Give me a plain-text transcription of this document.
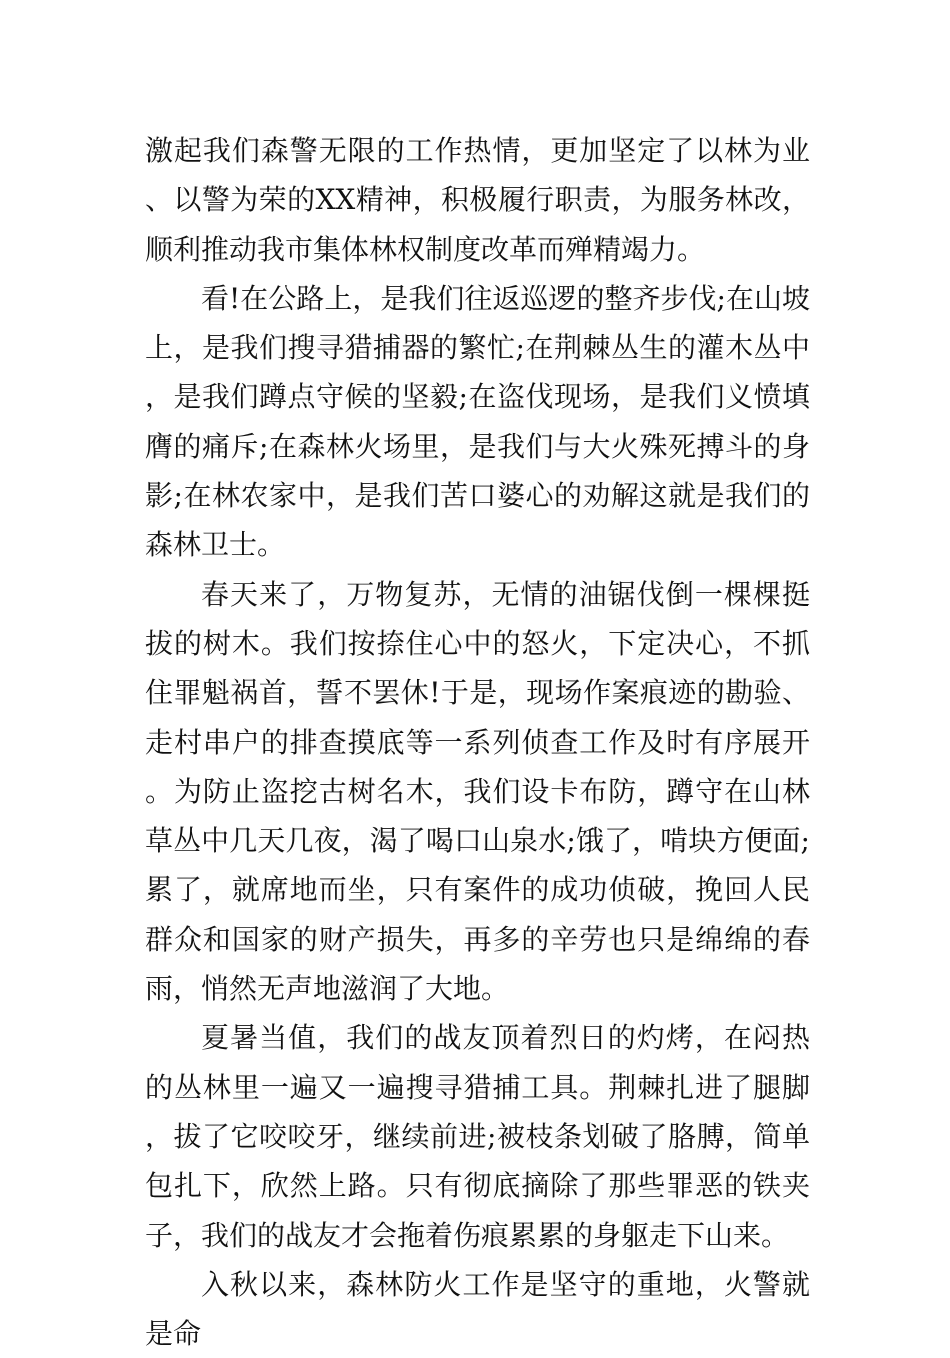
激起我们森警无限的工作热情，更加坚定了以林为业、以警为荣的XX精神，积极履行职责，为服务林改，顺利推动我市集体林权制度改革而殚精竭力。

看!在公路上，是我们往返巡逻的整齐步伐;在山坡上，是我们搜寻猎捕器的繁忙;在荆棘丛生的灌木丛中，是我们蹲点守候的坚毅;在盗伐现场，是我们义愤填膺的痛斥;在森林火场里，是我们与大火殊死搏斗的身影;在林农家中，是我们苦口婆心的劝解这就是我们的森林卫士。

春天来了，万物复苏，无情的油锯伐倒一棵棵挺拔的树木。我们按捺住心中的怒火，下定决心，不抓住罪魁祸首，誓不罢休!于是，现场作案痕迹的勘验、走村串户的排查摸底等一系列侦查工作及时有序展开。为防止盗挖古树名木，我们设卡布防，蹲守在山林草丛中几天几夜，渴了喝口山泉水;饿了，啃块方便面;累了，就席地而坐，只有案件的成功侦破，挽回人民群众和国家的财产损失，再多的辛劳也只是绵绵的春雨，悄然无声地滋润了大地。

夏暑当值，我们的战友顶着烈日的灼烤，在闷热的丛林里一遍又一遍搜寻猎捕工具。荆棘扎进了腿脚，拔了它咬咬牙，继续前进;被枝条划破了胳膊，简单包扎下，欣然上路。只有彻底摘除了那些罪恶的铁夹子，我们的战友才会拖着伤痕累累的身躯走下山来。

入秋以来，森林防火工作是坚守的重地，火警就是命
